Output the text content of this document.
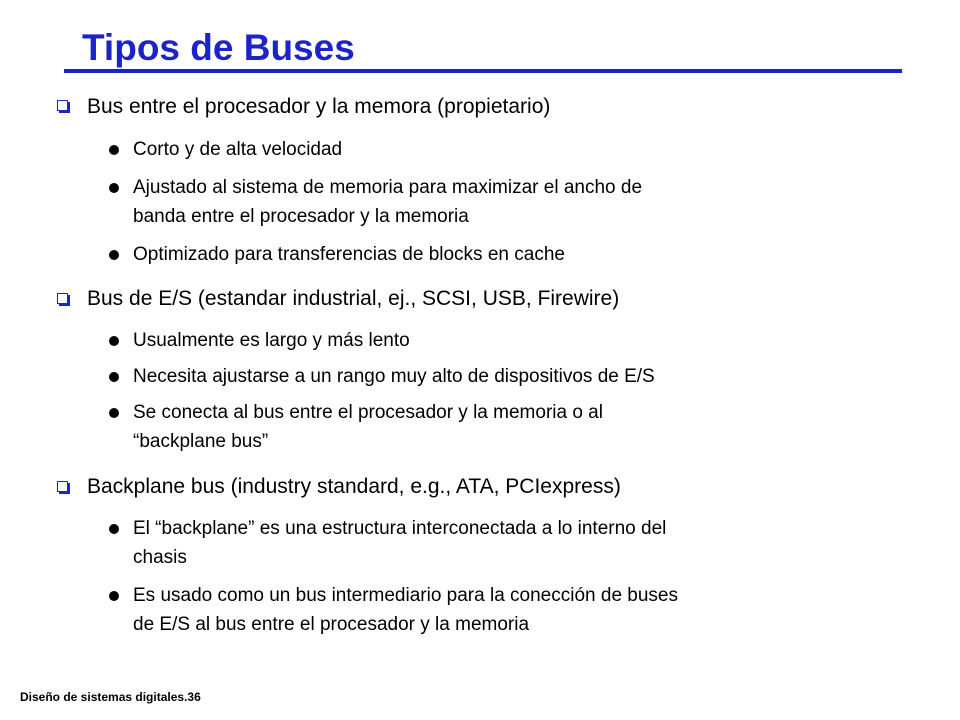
Tipos de Buses
Bus entre el procesador y la memora (propietario)
Corto y de alta velocidad
Ajustado al sistema de memoria para maximizar el ancho de
banda entre el procesador y la memoria
Optimizado para transferencias de blocks en cache
Bus de E/S (estandar industrial, ej., SCSI, USB, Firewire)
Usualmente es largo y más lento
Necesita ajustarse a un rango muy alto de dispositivos de E/S
Se conecta al bus entre el procesador y la memoria o al
“backplane bus”
Backplane bus (industry standard, e.g., ATA, PCIexpress)
El “backplane” es una estructura interconectada a lo interno del
chasis
Es usado como un bus intermediario para la conección de buses
de E/S al bus entre el procesador y la memoria
Diseño de sistemas digitales.36
